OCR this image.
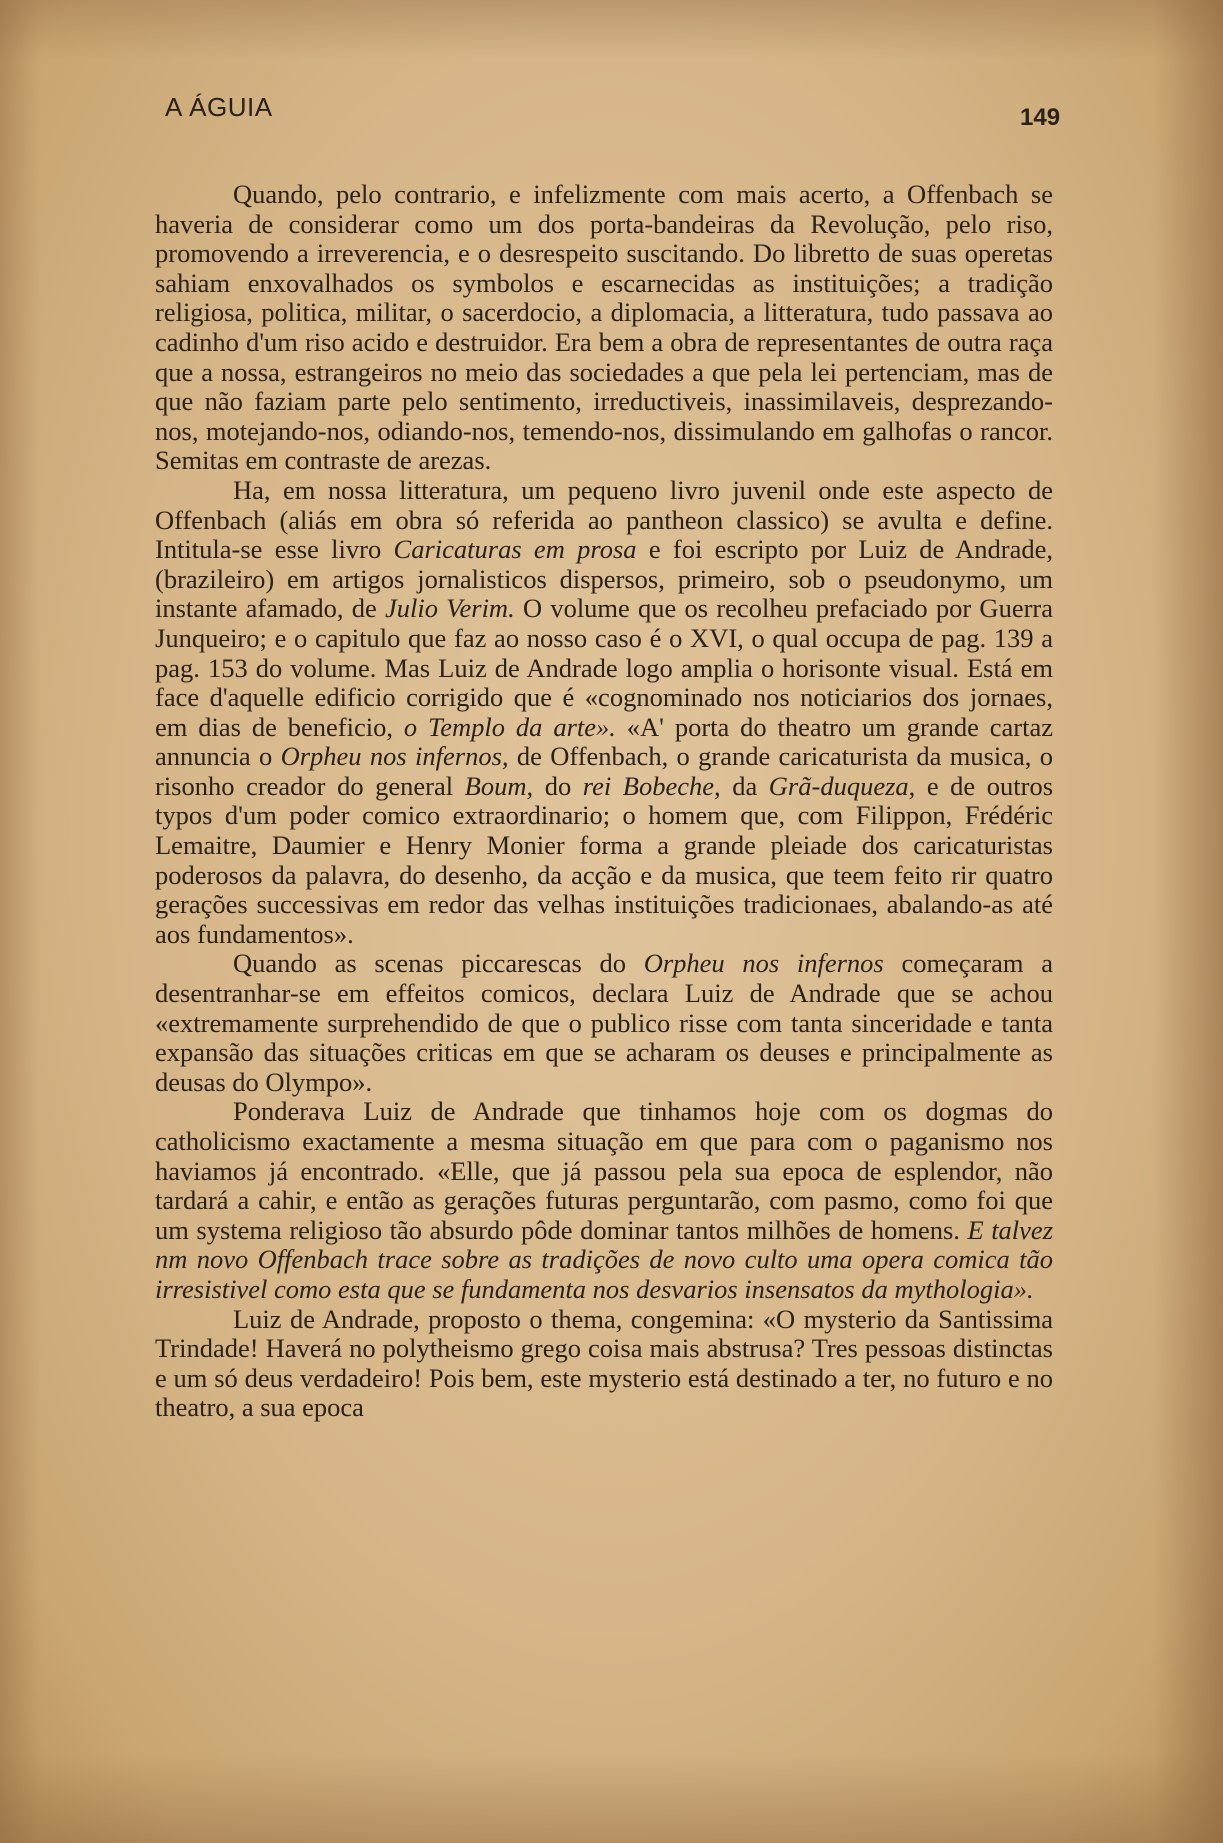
A ÁGUIA	149

Quando, pelo contrario, e infelizmente com mais acerto, a Offenbach se haveria de considerar como um dos porta-bandeiras da Revolução, pelo riso, promovendo a irreverencia, e o desrespeito suscitando. Do libretto de suas operetas sahiam enxovalhados os symbolos e escarnecidas as instituições; a tradição religiosa, politica, militar, o sacerdocio, a diplomacia, a litteratura, tudo passava ao cadinho d'um riso acido e destruidor. Era bem a obra de representantes de outra raça que a nossa, estrangeiros no meio das sociedades a que pela lei pertenciam, mas de que não faziam parte pelo sentimento, irreductiveis, inassimilaveis, desprezando-nos, motejando-nos, odiando-nos, temendo-nos, dissimulando em galhofas o rancor. Semitas em contraste de arezas.

Ha, em nossa litteratura, um pequeno livro juvenil onde este aspecto de Offenbach (aliás em obra só referida ao pantheon classico) se avulta e define. Intitula-se esse livro Caricaturas em prosa e foi escripto por Luiz de Andrade, (brazileiro) em artigos jornalisticos dispersos, primeiro, sob o pseudonymo, um instante afamado, de Julio Verim. O volume que os recolheu prefaciado por Guerra Junqueiro; e o capitulo que faz ao nosso caso é o XVI, o qual occupa de pag. 139 a pag. 153 do volume. Mas Luiz de Andrade logo amplia o horisonte visual. Está em face d'aquelle edificio corrigido que é «cognominado nos noticiarios dos jornaes, em dias de beneficio, o Templo da arte». «A' porta do theatro um grande cartaz annuncia o Orpheu nos infernos, de Offenbach, o grande caricaturista da musica, o risonho creador do general Boum, do rei Bobeche, da Grã-duqueza, e de outros typos d'um poder comico extraordinario; o homem que, com Filippon, Frédéric Lemaitre, Daumier e Henry Monier forma a grande pleiade dos caricaturistas poderosos da palavra, do desenho, da acção e da musica, que teem feito rir quatro gerações successivas em redor das velhas instituições tradicionaes, abalando-as até aos fundamentos».

Quando as scenas piccarescas do Orpheu nos infernos começaram a desentranhar-se em effeitos comicos, declara Luiz de Andrade que se achou «extremamente surprehendido de que o publico risse com tanta sinceridade e tanta expansão das situações criticas em que se acharam os deuses e principalmente as deusas do Olympo».

Ponderava Luiz de Andrade que tinhamos hoje com os dogmas do catholicismo exactamente a mesma situação em que para com o paganismo nos haviamos já encontrado. «Elle, que já passou pela sua epoca de esplendor, não tardará a cahir, e então as gerações futuras perguntarão, com pasmo, como foi que um systema religioso tão absurdo pôde dominar tantos milhões de homens. E talvez nm novo Offenbach trace sobre as tradições de novo culto uma opera comica tão irresistivel como esta que se fundamenta nos desvarios insensatos da mythologia».

Luiz de Andrade, proposto o thema, congemina: «O mysterio da Santissima Trindade! Haverá no polytheismo grego coisa mais abstrusa? Tres pessoas distinctas e um só deus verdadeiro! Pois bem, este mysterio está destinado a ter, no futuro e no theatro, a sua epoca
